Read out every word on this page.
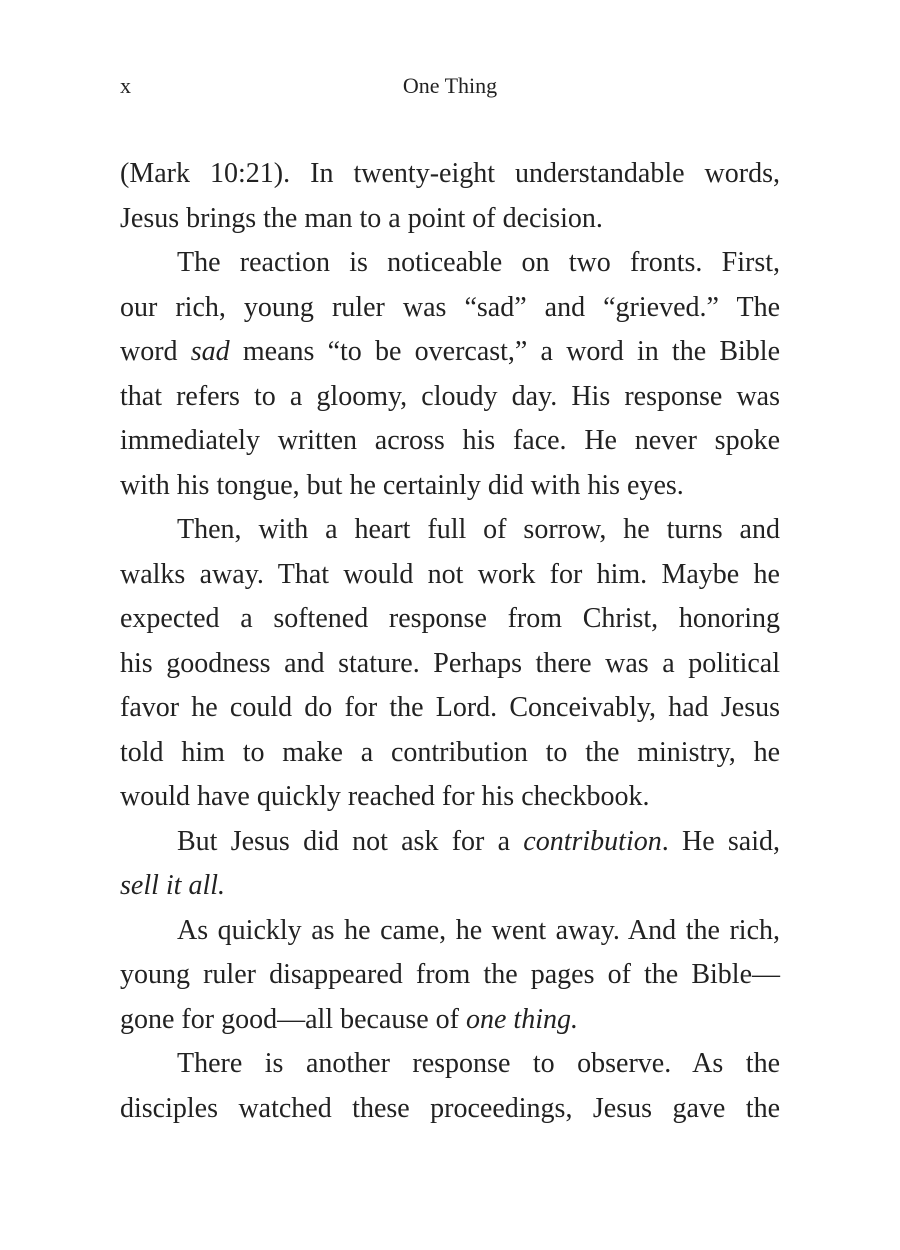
x	One Thing
(Mark 10:21). In twenty-eight understandable words,
Jesus brings the man to a point of decision.
The reaction is noticeable on two fronts. First,
our rich, young ruler was “sad” and “grieved.” The
word sad means “to be overcast,” a word in the Bible
that refers to a gloomy, cloudy day. His response was
immediately written across his face. He never spoke
with his tongue, but he certainly did with his eyes.
Then, with a heart full of sorrow, he turns and
walks away. That would not work for him. Maybe he
expected a softened response from Christ, honoring
his goodness and stature. Perhaps there was a political
favor he could do for the Lord. Conceivably, had Jesus
told him to make a contribution to the ministry, he
would have quickly reached for his checkbook.
But Jesus did not ask for a contribution. He said,
sell it all.
As quickly as he came, he went away. And the rich,
young ruler disappeared from the pages of the Bible—
gone for good—all because of one thing.
There is another response to observe. As the
disciples watched these proceedings, Jesus gave the
